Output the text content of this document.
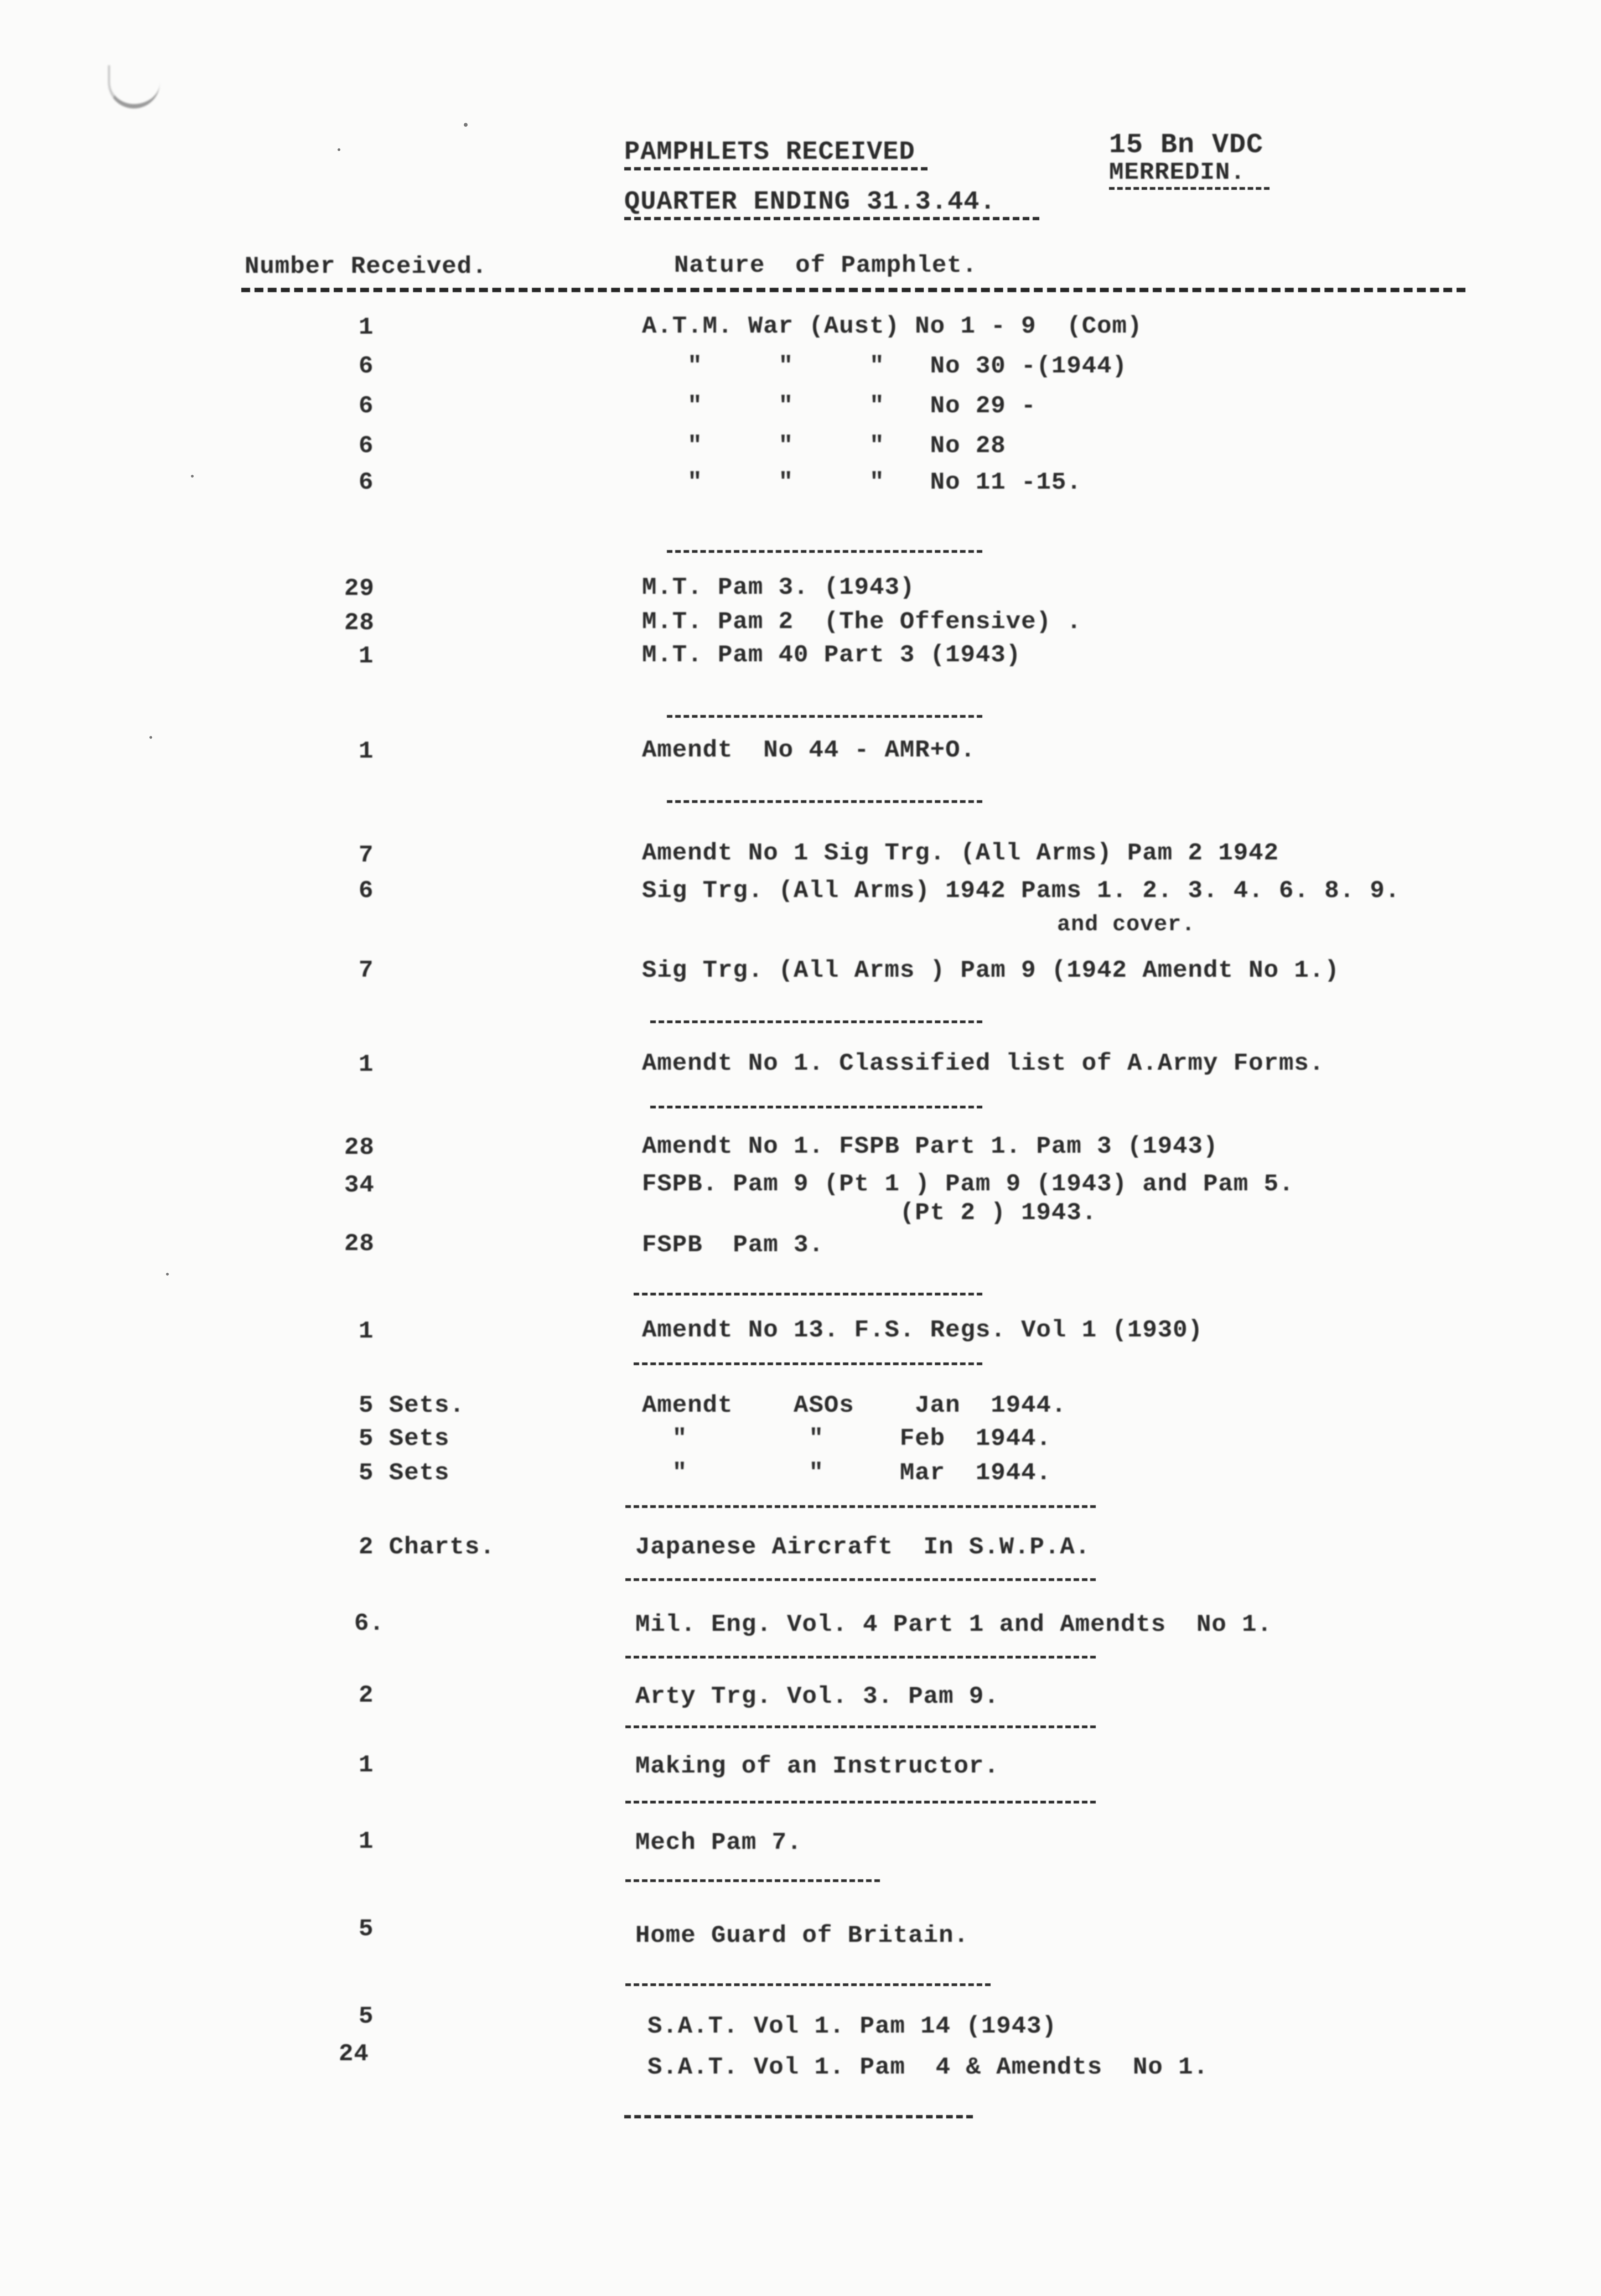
PAMPHLETS RECEIVED
QUARTER ENDING 31.3.44.
15 Bn VDC
MERREDIN.
Number Received.	Nature  of Pamphlet.
1	A.T.M. War (Aust) No 1 - 9  (Com)
6	"     "     "   No 30 -(1944)
6	"     "     "   No 29 -
6	"     "     "   No 28
6	"     "     "   No 11 -15.
29	M.T. Pam 3. (1943)
28	M.T. Pam 2  (The Offensive) .
1	M.T. Pam 40 Part 3 (1943)
1	Amendt  No 44 - AMR+O.
7	Amendt No 1 Sig Trg. (All Arms) Pam 2 1942
6	Sig Trg. (All Arms) 1942 Pams 1. 2. 3. 4. 6. 8. 9.
and cover.
7	Sig Trg. (All Arms ) Pam 9 (1942 Amendt No 1.)
1	Amendt No 1. Classified list of A.Army Forms.
28	Amendt No 1. FSPB Part 1. Pam 3 (1943)
34	FSPB. Pam 9 (Pt 1 ) Pam 9 (1943) and Pam 5.
(Pt 2 ) 1943.
28	FSPB  Pam 3.
1	Amendt No 13. F.S. Regs. Vol 1 (1930)
5 Sets.	Amendt    ASOs    Jan  1944.
5 Sets	"        "     Feb  1944.
5 Sets	"        "     Mar  1944.
2 Charts.	Japanese Aircraft  In S.W.P.A.
6.	Mil. Eng. Vol. 4 Part 1 and Amendts  No 1.
2	Arty Trg. Vol. 3. Pam 9.
1	Making of an Instructor.
1	Mech Pam 7.
5	Home Guard of Britain.
5	S.A.T. Vol 1. Pam 14 (1943)
24	S.A.T. Vol 1. Pam  4 & Amendts  No 1.
